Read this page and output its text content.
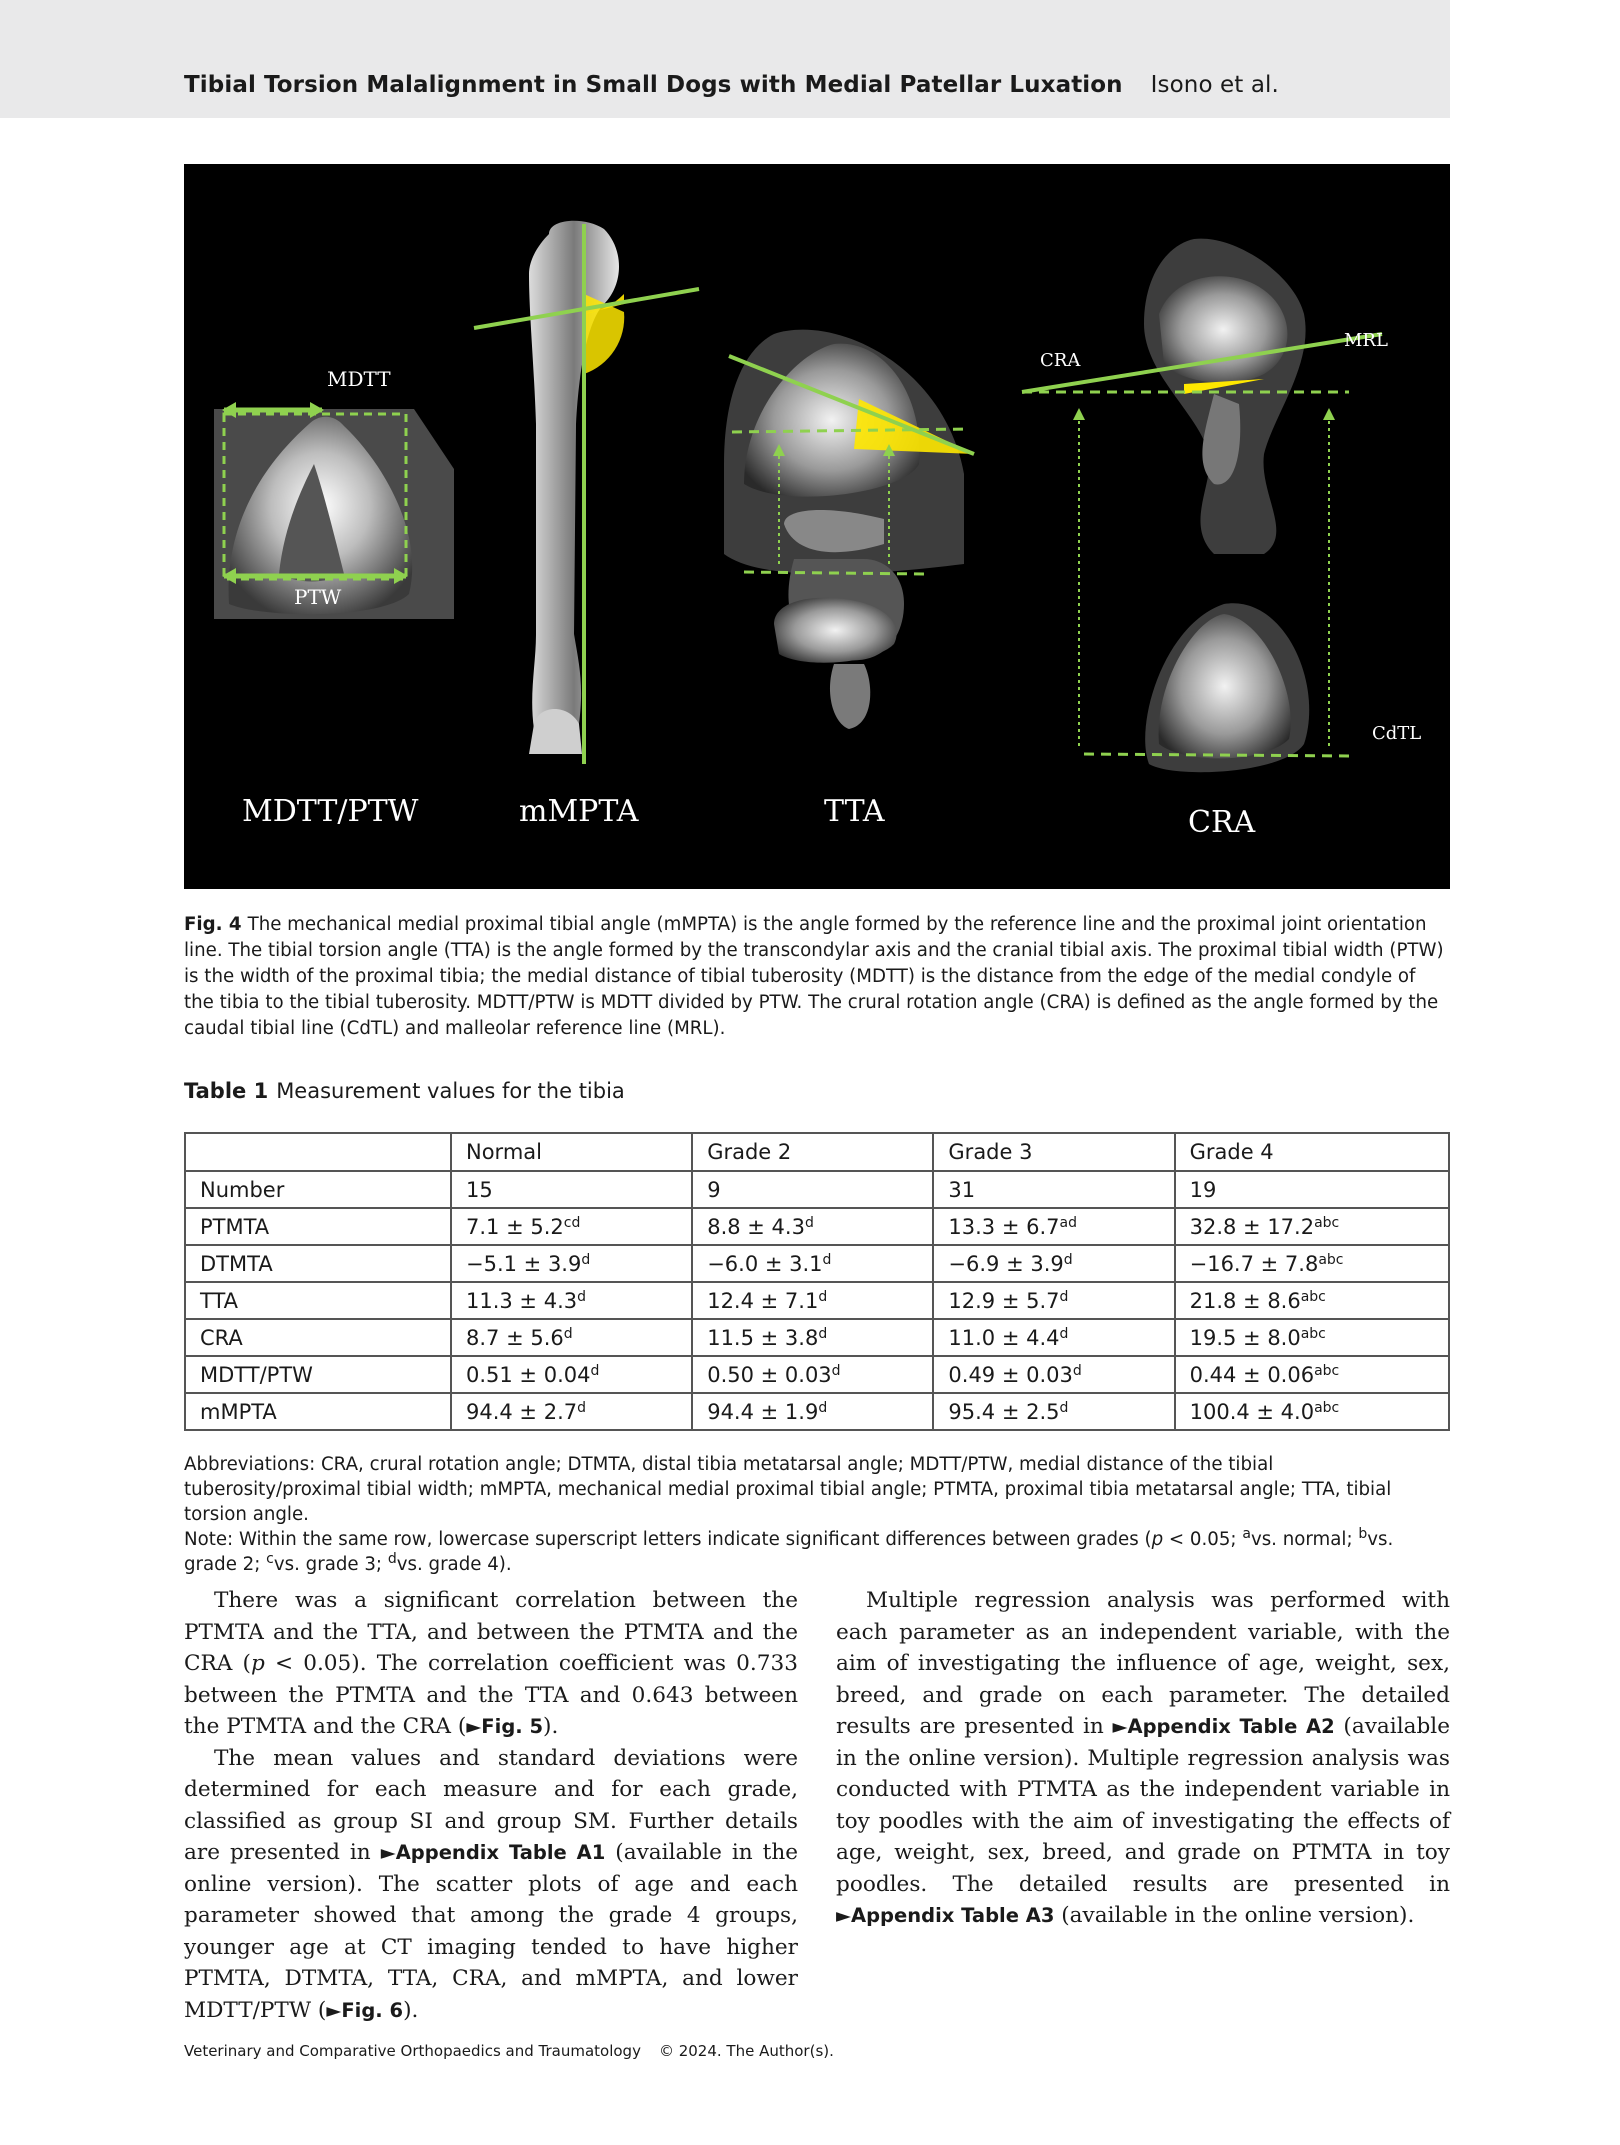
Tibial Torsion Malalignment in Small Dogs with Medial Patellar Luxation Isono et al.
MDTT
PTW
CRA
MRL
CdTL
MDTT/PTW	mMPTA	TTA	CRA
Fig. 4 The mechanical medial proximal tibial angle (mMPTA) is the angle formed by the reference line and the proximal joint orientation line. The tibial torsion angle (TTA) is the angle formed by the transcondylar axis and the cranial tibial axis. The proximal tibial width (PTW) is the width of the proximal tibia; the medial distance of tibial tuberosity (MDTT) is the distance from the edge of the medial condyle of the tibia to the tibial tuberosity. MDTT/PTW is MDTT divided by PTW. The crural rotation angle (CRA) is defined as the angle formed by the caudal tibial line (CdTL) and malleolar reference line (MRL).
Table 1 Measurement values for the tibia
	Normal	Grade 2	Grade 3	Grade 4
Number	15	9	31	19
PTMTA	7.1 ± 5.2$^{cd}$	8.8 ± 4.3$^d$	13.3 ± 6.7$^{ad}$	32.8 ± 17.2$^{abc}$
DTMTA	−5.1 ± 3.9$^d$	−6.0 ± 3.1$^d$	−6.9 ± 3.9$^d$	−16.7 ± 7.8$^{abc}$
TTA	11.3 ± 4.3$^d$	12.4 ± 7.1$^d$	12.9 ± 5.7$^d$	21.8 ± 8.6$^{abc}$
CRA	8.7 ± 5.6$^d$	11.5 ± 3.8$^d$	11.0 ± 4.4$^d$	19.5 ± 8.0$^{abc}$
MDTT/PTW	0.51 ± 0.04$^d$	0.50 ± 0.03$^d$	0.49 ± 0.03$^d$	0.44 ± 0.06$^{abc}$
mMPTA	94.4 ± 2.7$^d$	94.4 ± 1.9$^d$	95.4 ± 2.5$^d$	100.4 ± 4.0$^{abc}$
Abbreviations: CRA, crural rotation angle; DTMTA, distal tibia metatarsal angle; MDTT/PTW, medial distance of the tibial tuberosity/proximal tibial width; mMPTA, mechanical medial proximal tibial angle; PTMTA, proximal tibia metatarsal angle; TTA, tibial torsion angle.
Note: Within the same row, lowercase superscript letters indicate significant differences between grades (p < 0.05; $^a$vs. normal; $^b$vs. grade 2; $^c$vs. grade 3; $^d$vs. grade 4).

There was a significant correlation between the PTMTA and the TTA, and between the PTMTA and the CRA (p < 0.05). The correlation coefficient was 0.733 between the PTMTA and the TTA and 0.643 between the PTMTA and the CRA (►Fig. 5).

The mean values and standard deviations were determined for each measure and for each grade, classified as group SI and group SM. Further details are presented in ►Appendix Table A1 (available in the online version). The scatter plots of age and each parameter showed that among the grade 4 groups, younger age at CT imaging tended to have higher PTMTA, DTMTA, TTA, CRA, and mMPTA, and lower MDTT/PTW (►Fig. 6).

Multiple regression analysis was performed with each parameter as an independent variable, with the aim of investigating the influence of age, weight, sex, breed, and grade on each parameter. The detailed results are presented in ►Appendix Table A2 (available in the online version). Multiple regression analysis was conducted with PTMTA as the independent variable in toy poodles with the aim of investigating the effects of age, weight, sex, breed, and grade on PTMTA in toy poodles. The detailed results are presented in ►Appendix Table A3 (available in the online version).

Veterinary and Comparative Orthopaedics and Traumatology © 2024. The Author(s).
